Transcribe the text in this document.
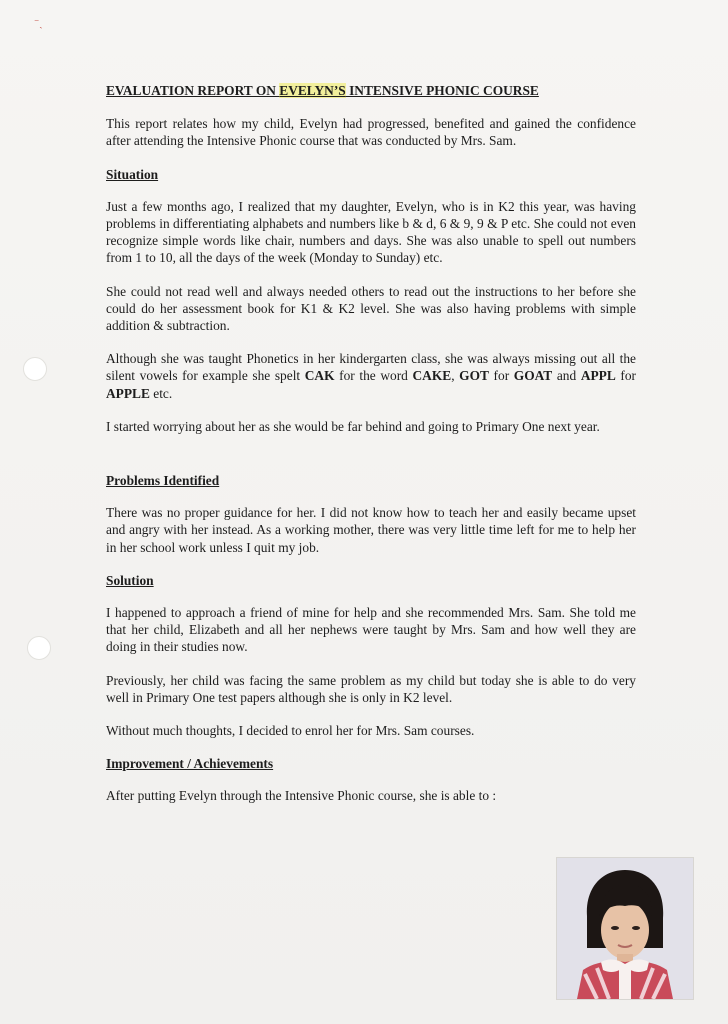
⁻ˏ
EVALUATION REPORT ON EVELYN’S INTENSIVE PHONIC COURSE

This report relates how my child, Evelyn had progressed, benefited and gained the confidence after attending the Intensive Phonic course that was conducted by Mrs. Sam.

Situation

Just a few months ago, I realized that my daughter, Evelyn, who is in K2 this year, was having problems in differentiating alphabets and numbers like b & d, 6 & 9, 9 & P etc. She could not even recognize simple words like chair, numbers and days. She was also unable to spell out numbers from 1 to 10, all the days of the week (Monday to Sunday) etc.

She could not read well and always needed others to read out the instructions to her before she could do her assessment book for K1 & K2 level. She was also having problems with simple addition & subtraction.

Although she was taught Phonetics in her kindergarten class, she was always missing out all the silent vowels for example she spelt CAK for the word CAKE, GOT for GOAT and APPL for APPLE etc.

I started worrying about her as she would be far behind and going to Primary One next year.

Problems Identified

There was no proper guidance for her. I did not know how to teach her and easily became upset and angry with her instead. As a working mother, there was very little time left for me to help her in her school work unless I quit my job.

Solution

I happened to approach a friend of mine for help and she recommended Mrs. Sam. She told me that her child, Elizabeth and all her nephews were taught by Mrs. Sam and how well they are doing in their studies now.

Previously, her child was facing the same problem as my child but today she is able to do very well in Primary One test papers although she is only in K2 level.

Without much thoughts, I decided to enrol her for Mrs. Sam courses.

Improvement / Achievements

After putting Evelyn through the Intensive Phonic course, she is able to :
